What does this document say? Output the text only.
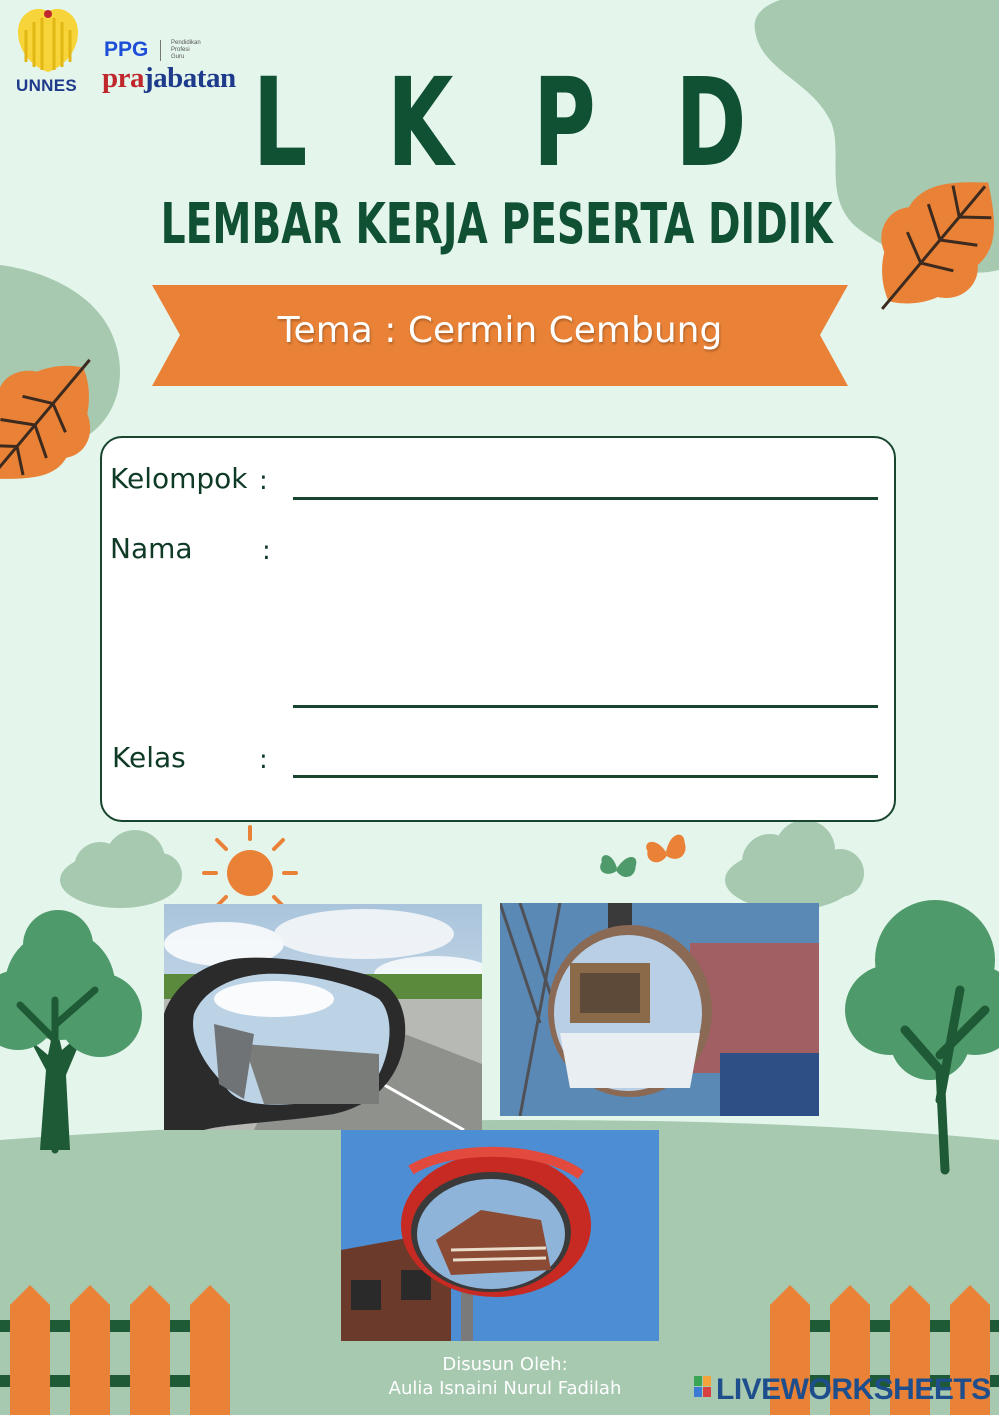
UNNES
PPG	Pendidikan
Profesi
Guru
prajabatan L K P D
LEMBAR KERJA PESERTA DIDIK
Tema : Cermin Cembung
Kelompok :
Nama	:
Kelas	:
Disusun Oleh:
Aulia Isnaini Nurul Fadilah	LIVEWORKSHEETS
